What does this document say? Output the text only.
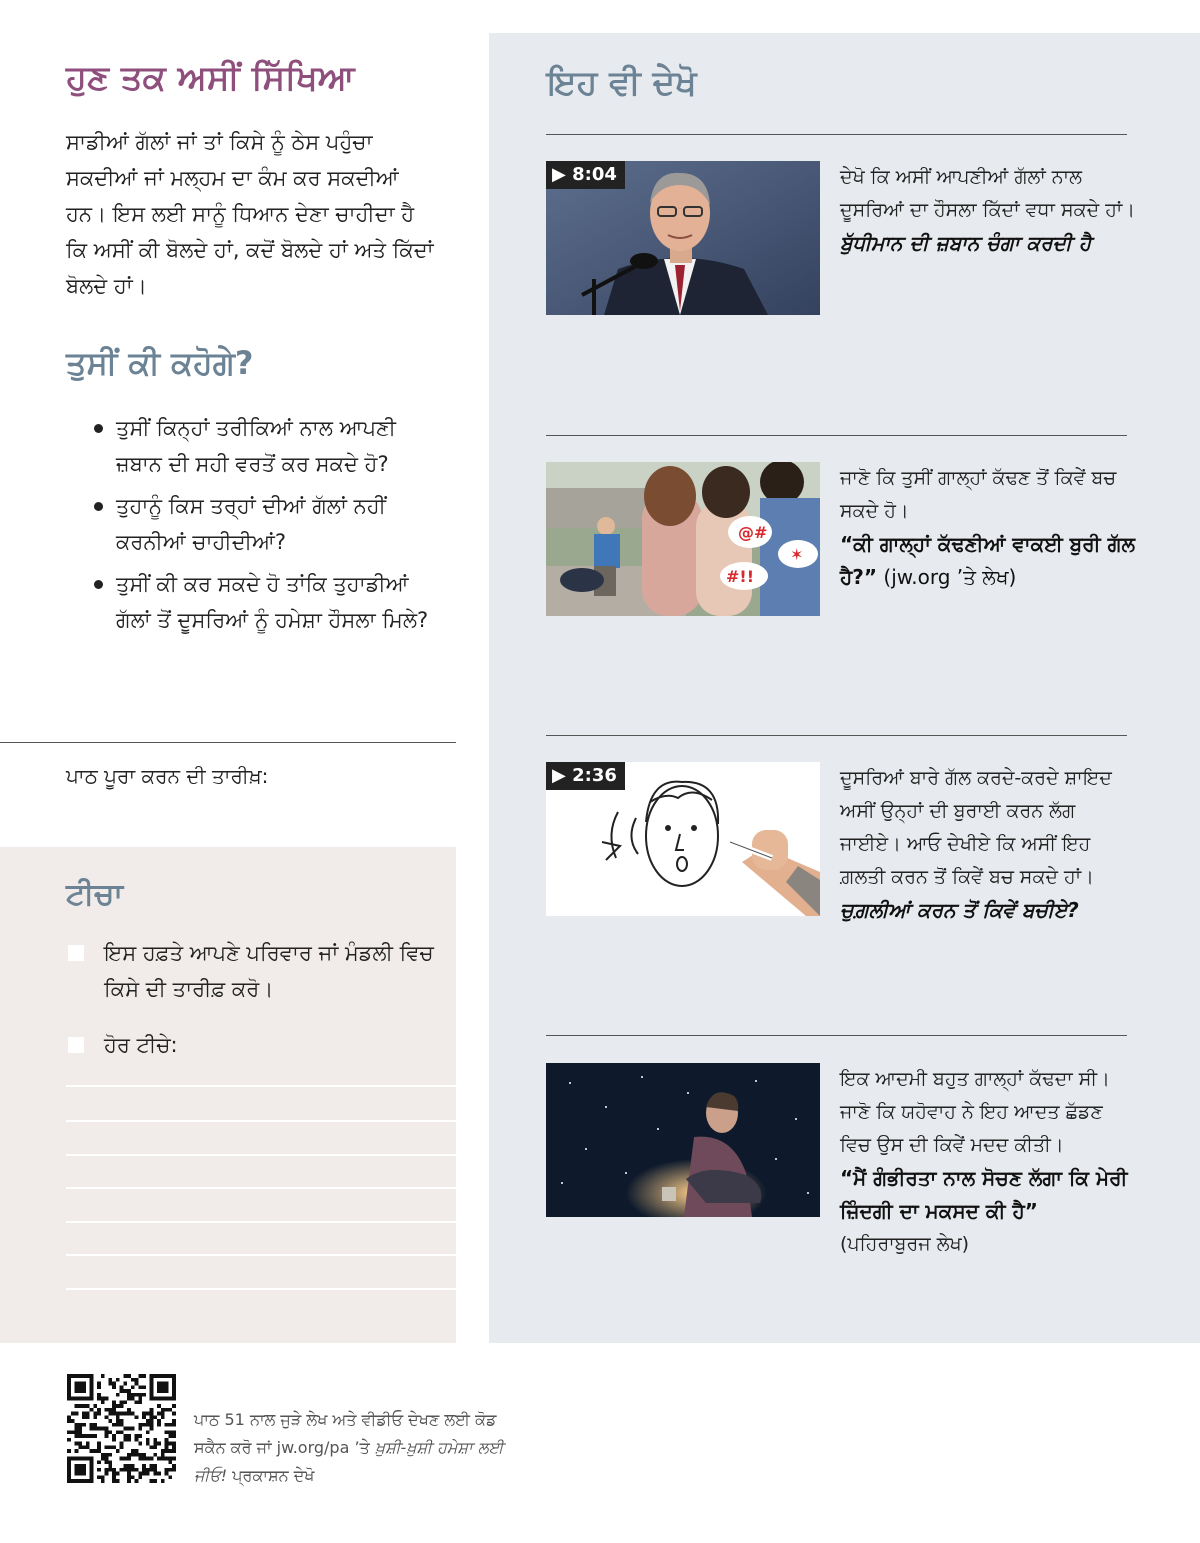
ਹੁਣ ਤਕ ਅਸੀਂ ਸਿੱਖਿਆ

ਸਾਡੀਆਂ ਗੱਲਾਂ ਜਾਂ ਤਾਂ ਕਿਸੇ ਨੂੰ ਠੇਸ ਪਹੁੰਚਾ ਸਕਦੀਆਂ ਜਾਂ ਮਲ੍ਹਮ ਦਾ ਕੰਮ ਕਰ ਸਕਦੀਆਂ ਹਨ। ਇਸ ਲਈ ਸਾਨੂੰ ਧਿਆਨ ਦੇਣਾ ਚਾਹੀਦਾ ਹੈ ਕਿ ਅਸੀਂ ਕੀ ਬੋਲਦੇ ਹਾਂ, ਕਦੋਂ ਬੋਲਦੇ ਹਾਂ ਅਤੇ ਕਿੱਦਾਂ ਬੋਲਦੇ ਹਾਂ।

ਤੁਸੀਂ ਕੀ ਕਹੋਗੇ?
ਤੁਸੀਂ ਕਿਨ੍ਹਾਂ ਤਰੀਕਿਆਂ ਨਾਲ ਆਪਣੀ ਜ਼ਬਾਨ ਦੀ ਸਹੀ ਵਰਤੋਂ ਕਰ ਸਕਦੇ ਹੋ?
ਤੁਹਾਨੂੰ ਕਿਸ ਤਰ੍ਹਾਂ ਦੀਆਂ ਗੱਲਾਂ ਨਹੀਂ ਕਰਨੀਆਂ ਚਾਹੀਦੀਆਂ?
ਤੁਸੀਂ ਕੀ ਕਰ ਸਕਦੇ ਹੋ ਤਾਂਕਿ ਤੁਹਾਡੀਆਂ ਗੱਲਾਂ ਤੋਂ ਦੂਸਰਿਆਂ ਨੂੰ ਹਮੇਸ਼ਾ ਹੌਸਲਾ ਮਿਲੇ?
ਪਾਠ ਪੂਰਾ ਕਰਨ ਦੀ ਤਾਰੀਖ਼:
ਟੀਚਾ
ਇਸ ਹਫ਼ਤੇ ਆਪਣੇ ਪਰਿਵਾਰ ਜਾਂ ਮੰਡਲੀ ਵਿਚ ਕਿਸੇ ਦੀ ਤਾਰੀਫ਼ ਕਰੋ।
ਹੋਰ ਟੀਚੇ:
ਇਹ ਵੀ ਦੇਖੋ
▶ 8:04	ਦੇਖੋ ਕਿ ਅਸੀਂ ਆਪਣੀਆਂ ਗੱਲਾਂ ਨਾਲ ਦੂਸਰਿਆਂ ਦਾ ਹੌਸਲਾ ਕਿੱਦਾਂ ਵਧਾ ਸਕਦੇ ਹਾਂ।
ਬੁੱਧੀਮਾਨ ਦੀ ਜ਼ਬਾਨ ਚੰਗਾ ਕਰਦੀ ਹੈ
@#
✶
#!!
ਜਾਣੋ ਕਿ ਤੁਸੀਂ ਗਾਲ੍ਹਾਂ ਕੱਢਣ ਤੋਂ ਕਿਵੇਂ ਬਚ ਸਕਦੇ ਹੋ।
“ਕੀ ਗਾਲ੍ਹਾਂ ਕੱਢਣੀਆਂ ਵਾਕਈ ਬੁਰੀ ਗੱਲ ਹੈ?” (jw.org ’ਤੇ ਲੇਖ)
▶ 2:36	ਦੂਸਰਿਆਂ ਬਾਰੇ ਗੱਲ ਕਰਦੇ-ਕਰਦੇ ਸ਼ਾਇਦ ਅਸੀਂ ਉਨ੍ਹਾਂ ਦੀ ਬੁਰਾਈ ਕਰਨ ਲੱਗ ਜਾਈਏ। ਆਓ ਦੇਖੀਏ ਕਿ ਅਸੀਂ ਇਹ ਗ਼ਲਤੀ ਕਰਨ ਤੋਂ ਕਿਵੇਂ ਬਚ ਸਕਦੇ ਹਾਂ।
ਚੁਗ਼ਲੀਆਂ ਕਰਨ ਤੋਂ ਕਿਵੇਂ ਬਚੀਏ?
ਇਕ ਆਦਮੀ ਬਹੁਤ ਗਾਲ੍ਹਾਂ ਕੱਢਦਾ ਸੀ। ਜਾਣੋ ਕਿ ਯਹੋਵਾਹ ਨੇ ਇਹ ਆਦਤ ਛੱਡਣ ਵਿਚ ਉਸ ਦੀ ਕਿਵੇਂ ਮਦਦ ਕੀਤੀ।
“ਮੈਂ ਗੰਭੀਰਤਾ ਨਾਲ ਸੋਚਣ ਲੱਗਾ ਕਿ ਮੇਰੀ ਜ਼ਿੰਦਗੀ ਦਾ ਮਕਸਦ ਕੀ ਹੈ”
(ਪਹਿਰਾਬੁਰਜ ਲੇਖ)

ਪਾਠ 51 ਨਾਲ ਜੁੜੇ ਲੇਖ ਅਤੇ ਵੀਡੀਓ ਦੇਖਣ ਲਈ ਕੋਡ ਸਕੈਨ ਕਰੋ ਜਾਂ jw.org/pa ’ਤੇ ਖ਼ੁਸ਼ੀ-ਖ਼ੁਸ਼ੀ ਹਮੇਸ਼ਾ ਲਈ ਜੀਓ! ਪ੍ਰਕਾਸ਼ਨ ਦੇਖੋ
